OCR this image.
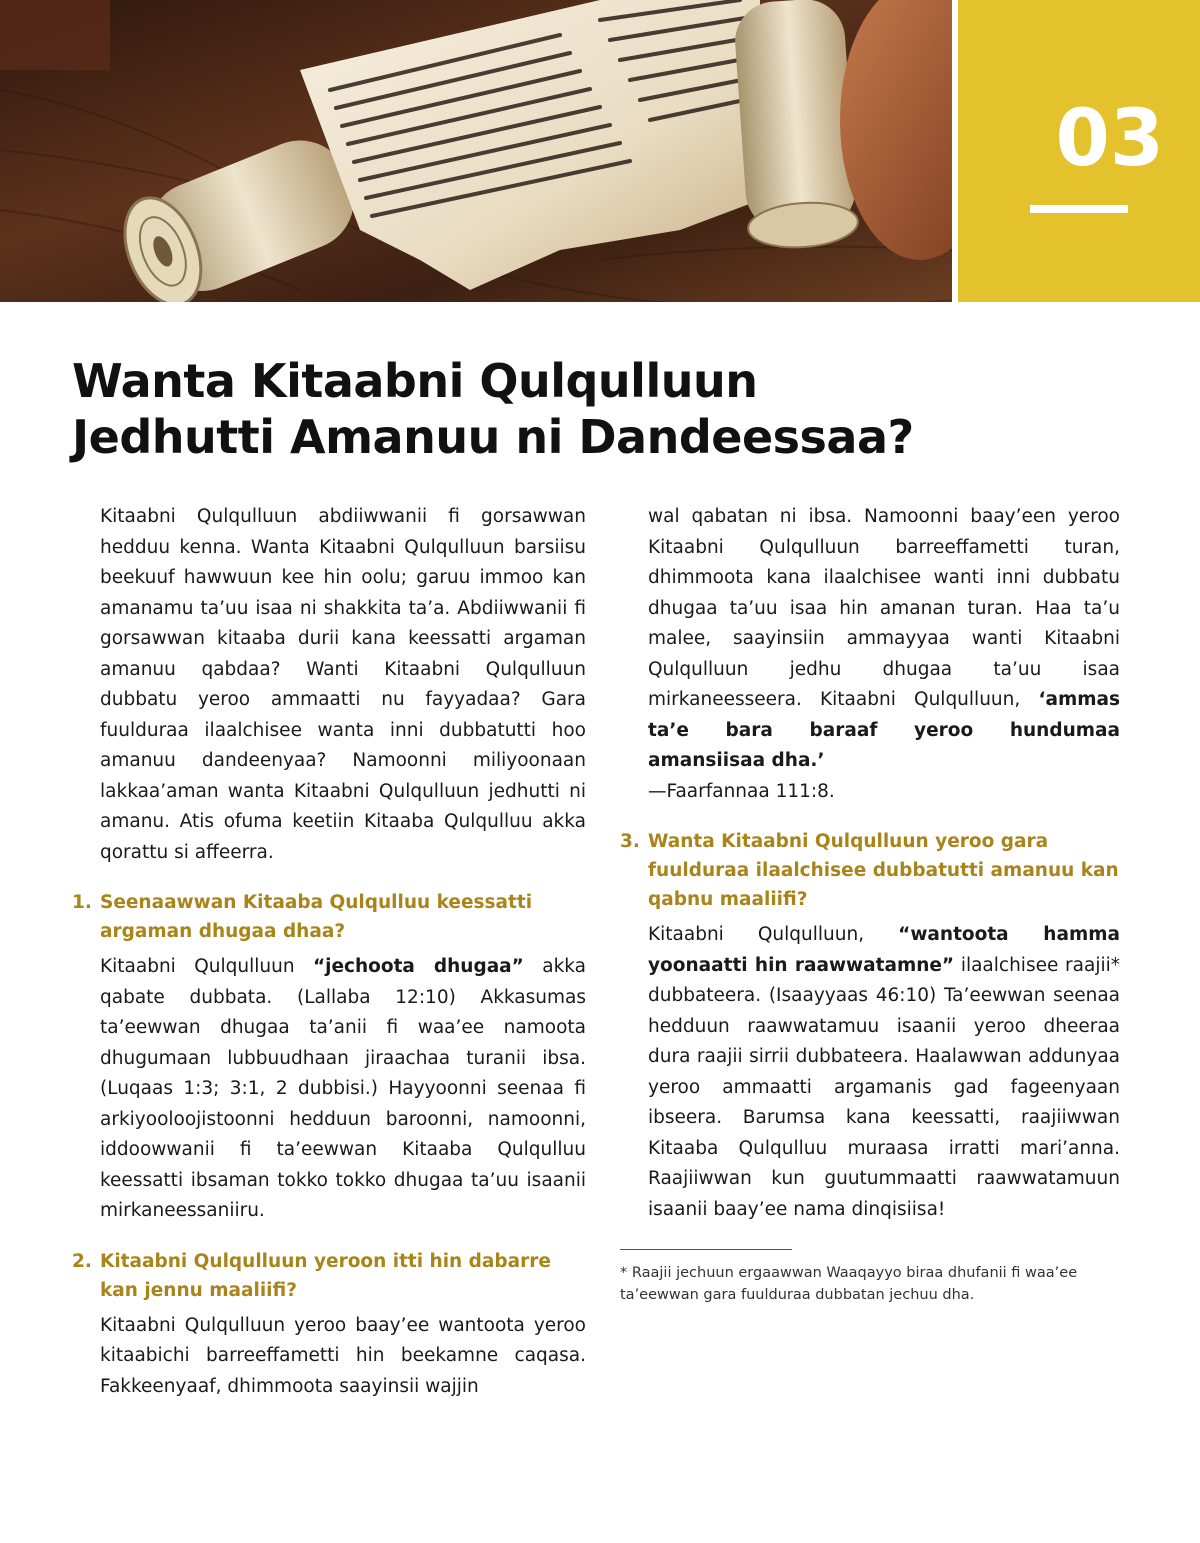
03
Wanta Kitaabni Qulqulluun
Jedhutti Amanuu ni Dandeessaa?

Kitaabni Qulqulluun abdiiwwanii fi gorsawwan hedduu kenna. Wanta Kitaabni Qulqulluun barsiisu beekuuf hawwuun kee hin oolu; garuu immoo kan amanamu ta’uu isaa ni shakkita ta’a. Abdiiwwanii fi gorsawwan kitaaba durii kana keessatti argaman amanuu qabdaa? Wanti Kitaabni Qulqulluun dubbatu yeroo ammaatti nu fayyadaa? Gara fuulduraa ilaalchisee wanta inni dubbatutti hoo amanuu dandeenyaa? Namoonni miliyoonaan lakkaa’aman wanta Kitaabni Qulqulluun jedhutti ni amanu. Atis ofuma keetiin Kitaaba Qulqulluu akka qorattu si affeerra.

1. Seenaawwan Kitaaba Qulqulluu keessatti argaman dhugaa dhaa?

Kitaabni Qulqulluun “jechoota dhugaa” akka qabate dubbata. (Lallaba 12:10) Akkasumas ta’eewwan dhugaa ta’anii fi waa’ee namoota dhugumaan lubbuudhaan jiraachaa turanii ibsa. (Luqaas 1:3; 3:1, 2 dubbisi.) Hayyoonni seenaa fi arkiyooloojistoonni hedduun baroonni, namoonni, iddoowwanii fi ta’eewwan Kitaaba Qulqulluu keessatti ibsaman tokko tokko dhugaa ta’uu isaanii mirkaneessaniiru.

2. Kitaabni Qulqulluun yeroon itti hin dabarre kan jennu maaliifi?

Kitaabni Qulqulluun yeroo baay’ee wantoota yeroo kitaabichi barreeffametti hin beekamne caqasa. Fakkeenyaaf, dhimmoota saayinsii wajjin

wal qabatan ni ibsa. Namoonni baay’een yeroo Kitaabni Qulqulluun barreeffametti turan, dhimmoota kana ilaalchisee wanti inni dubbatu dhugaa ta’uu isaa hin amanan turan. Haa ta’u malee, saayinsiin ammayyaa wanti Kitaabni Qulqulluun jedhu dhugaa ta’uu isaa mirkaneesseera. Kitaabni Qulqulluun, ‘ammas ta’e bara baraaf yeroo hundumaa amansiisaa dha.’
—Faarfannaa 111:8.

3. Wanta Kitaabni Qulqulluun yeroo gara fuulduraa ilaalchisee dubbatutti amanuu kan qabnu maaliifi?

Kitaabni Qulqulluun, “wantoota hamma yoonaatti hin raawwatamne” ilaalchisee raajii* dubbateera. (Isaayyaas 46:10) Ta’eewwan seenaa hedduun raawwatamuu isaanii yeroo dheeraa dura raajii sirrii dubbateera. Haalawwan addunyaa yeroo ammaatti argamanis gad fageenyaan ibseera. Barumsa kana keessatti, raajiiwwan Kitaaba Qulqulluu muraasa irratti mari’anna. Raajiiwwan kun guutummaatti raawwatamuun isaanii baay’ee nama dinqisiisa!

* Raajii jechuun ergaawwan Waaqayyo biraa dhufanii fi waa’ee ta’eewwan gara fuulduraa dubbatan jechuu dha.
